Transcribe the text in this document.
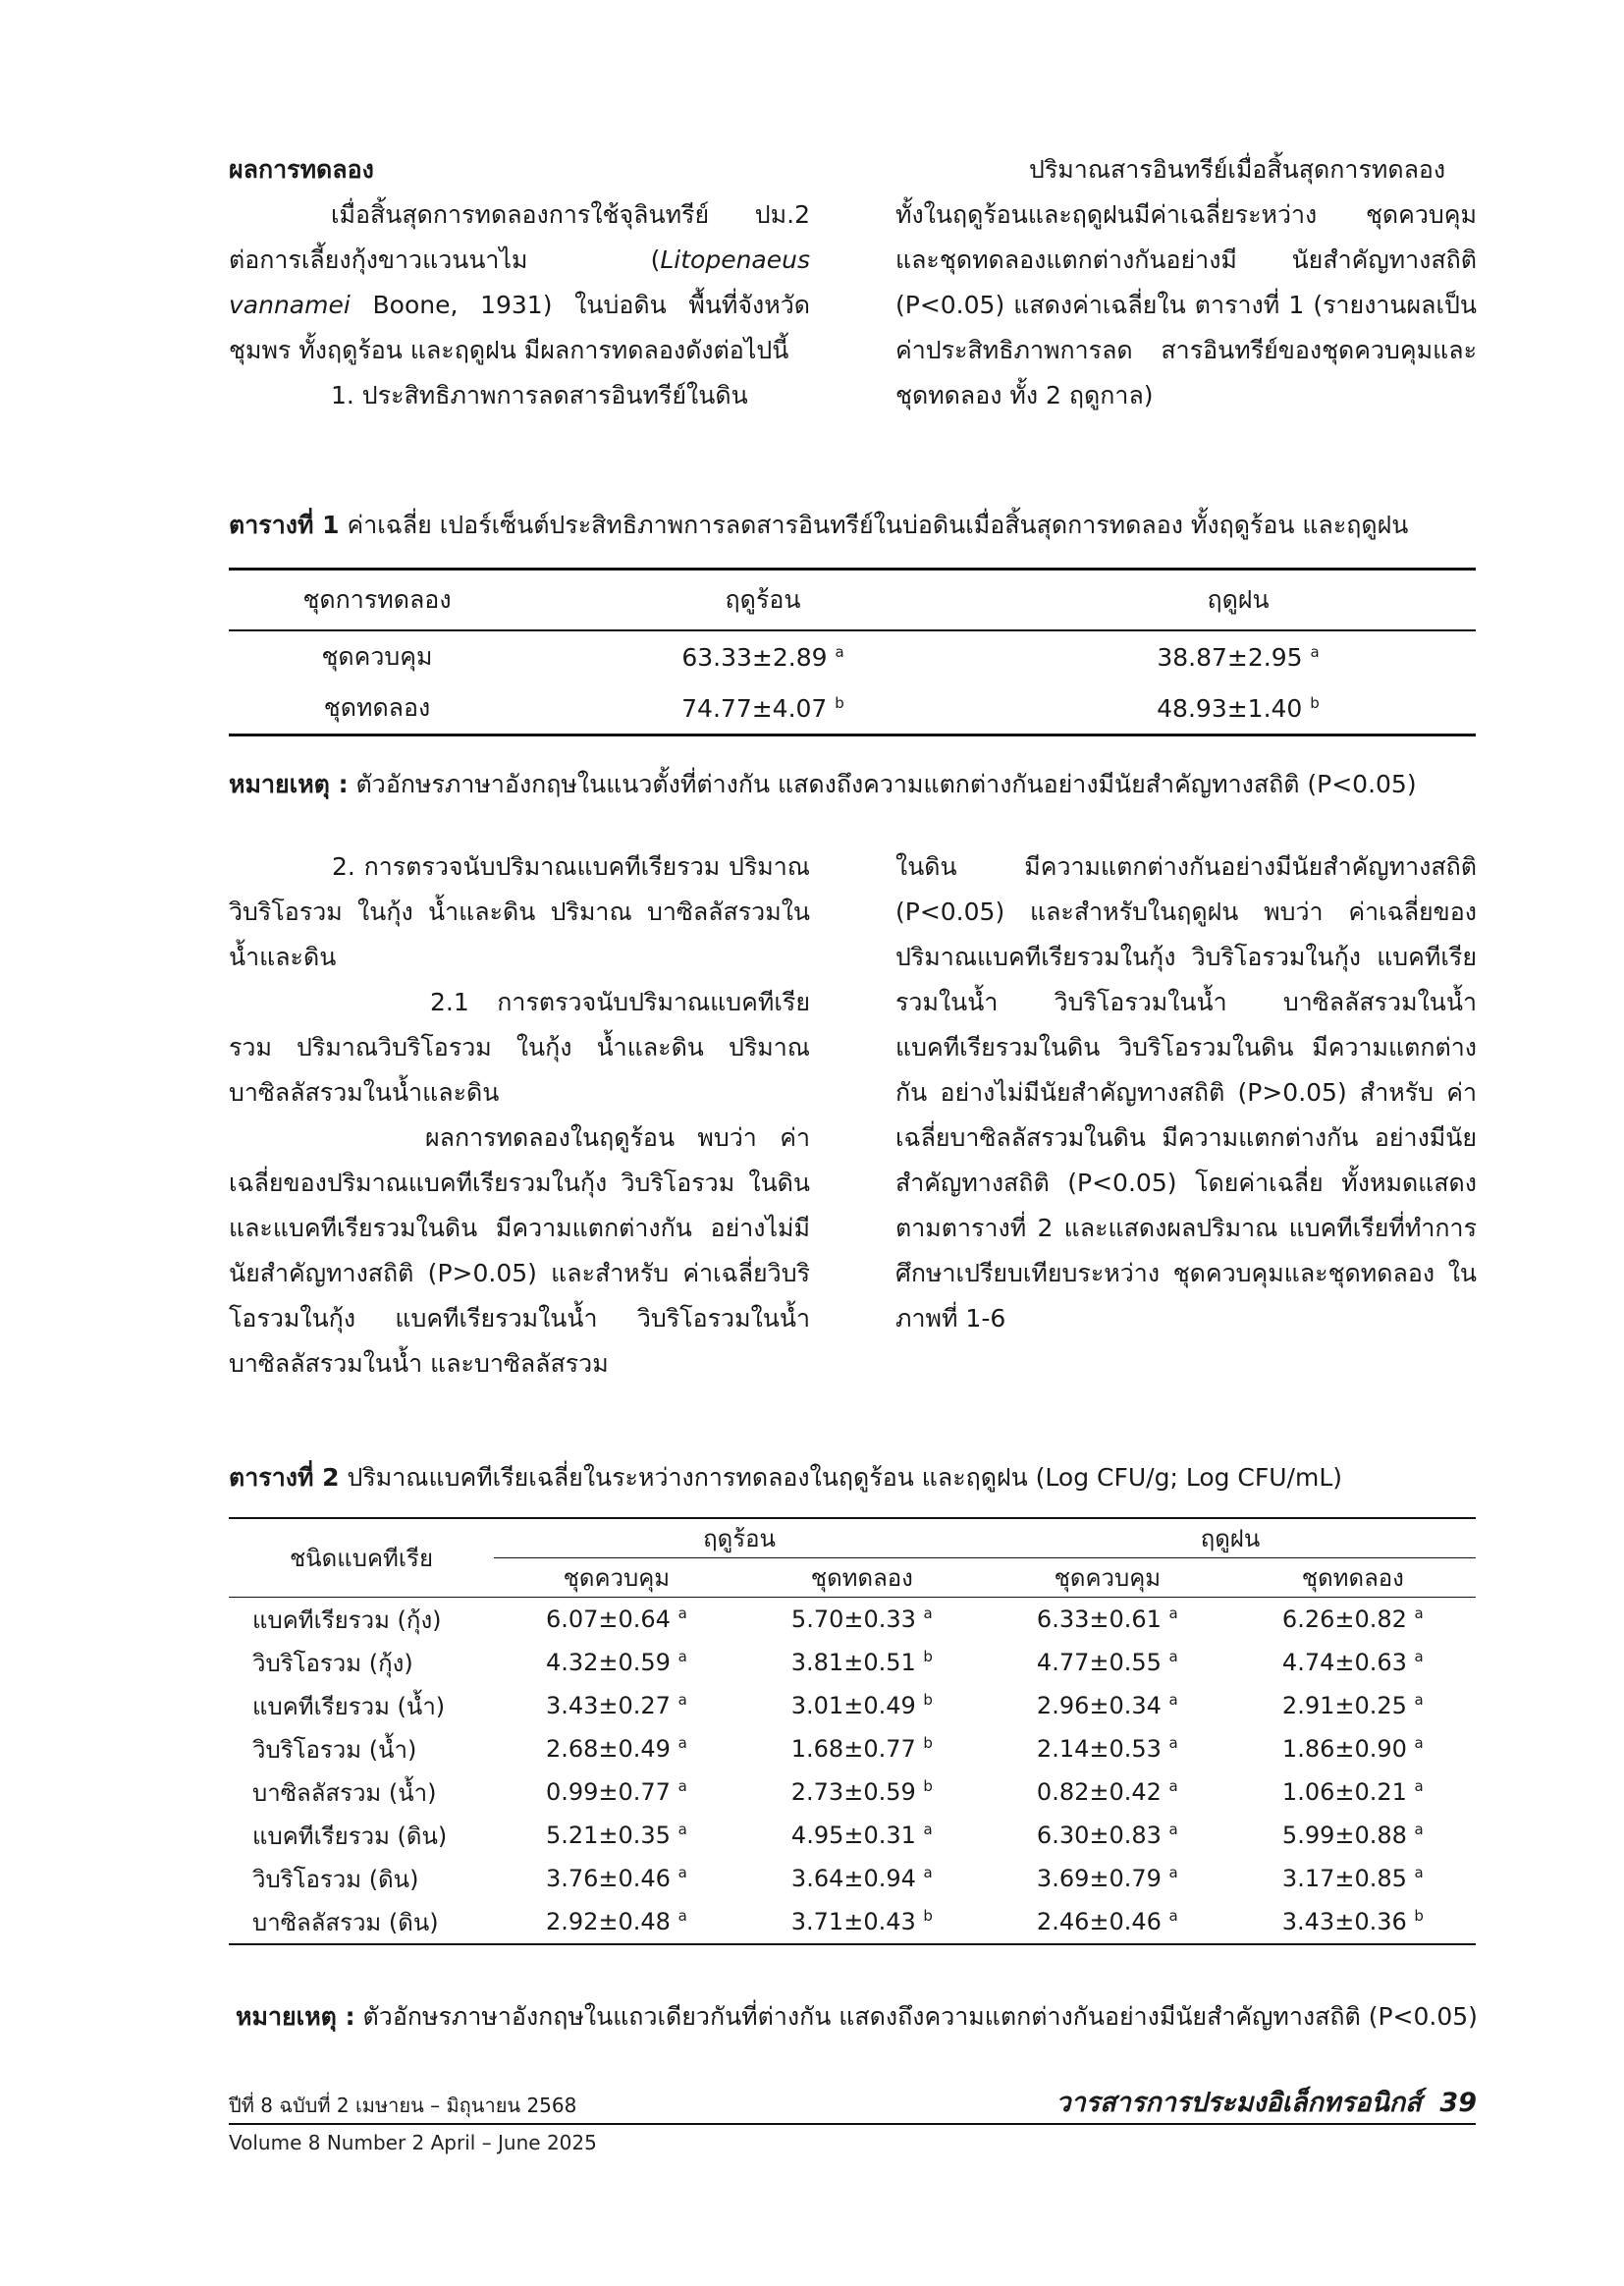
ผลการทดลอง

เมื่อสิ้นสุดการทดลองการใช้จุลินทรีย์ ปม.2 ต่อการเลี้ยงกุ้งขาวแวนนาไม (Litopenaeus vannamei Boone, 1931) ในบ่อดิน พื้นที่จังหวัดชุมพร ทั้งฤดูร้อน และฤดูฝน มีผลการทดลองดังต่อไปนี้

1. ประสิทธิภาพการลดสารอินทรีย์ในดิน

ปริมาณสารอินทรีย์เมื่อสิ้นสุดการทดลอง ทั้งในฤดูร้อนและฤดูฝนมีค่าเฉลี่ยระหว่าง ชุดควบคุมและชุดทดลองแตกต่างกันอย่างมี นัยสำคัญทางสถิติ (P<0.05) แสดงค่าเฉลี่ยใน ตารางที่ 1 (รายงานผลเป็นค่าประสิทธิภาพการลด สารอินทรีย์ของชุดควบคุมและชุดทดลอง ทั้ง 2 ฤดูกาล)

ตารางที่ 1 ค่าเฉลี่ย เปอร์เซ็นต์ประสิทธิภาพการลดสารอินทรีย์ในบ่อดินเมื่อสิ้นสุดการทดลอง ทั้งฤดูร้อน และฤดูฝน
ชุดการทดลอง	ฤดูร้อน	ฤดูฝน
ชุดควบคุม	63.33±2.89 $^a$	38.87±2.95 $^a$
ชุดทดลอง	74.77±4.07 $^b$	48.93±1.40 $^b$
หมายเหตุ : ตัวอักษรภาษาอังกฤษในแนวตั้งที่ต่างกัน แสดงถึงความแตกต่างกันอย่างมีนัยสำคัญทางสถิติ (P<0.05)

2. การตรวจนับปริมาณแบคทีเรียรวม ปริมาณวิบริโอรวม ในกุ้ง น้ำและดิน ปริมาณ บาซิลลัสรวมในน้ำและดิน

2.1 การตรวจนับปริมาณแบคทีเรียรวม ปริมาณวิบริโอรวม ในกุ้ง น้ำและดิน ปริมาณ บาซิลลัสรวมในน้ำและดิน

ผลการทดลองในฤดูร้อน พบว่า ค่าเฉลี่ยของปริมาณแบคทีเรียรวมในกุ้ง วิบริโอรวม ในดินและแบคทีเรียรวมในดิน มีความแตกต่างกัน อย่างไม่มีนัยสำคัญทางสถิติ (P>0.05) และสำหรับ ค่าเฉลี่ยวิบริโอรวมในกุ้ง แบคทีเรียรวมในน้ำ วิบริโอรวมในน้ำ บาซิลลัสรวมในน้ำ และบาซิลลัสรวม

ในดิน มีความแตกต่างกันอย่างมีนัยสำคัญทางสถิติ (P<0.05) และสำหรับในฤดูฝน พบว่า ค่าเฉลี่ยของ ปริมาณแบคทีเรียรวมในกุ้ง วิบริโอรวมในกุ้ง แบคทีเรียรวมในน้ำ วิบริโอรวมในน้ำ บาซิลลัสรวมในน้ำ แบคทีเรียรวมในดิน วิบริโอรวมในดิน มีความแตกต่างกัน อย่างไม่มีนัยสำคัญทางสถิติ (P>0.05) สำหรับ ค่าเฉลี่ยบาซิลลัสรวมในดิน มีความแตกต่างกัน อย่างมีนัยสำคัญทางสถิติ (P<0.05) โดยค่าเฉลี่ย ทั้งหมดแสดงตามตารางที่ 2 และแสดงผลปริมาณ แบคทีเรียที่ทำการศึกษาเปรียบเทียบระหว่าง ชุดควบคุมและชุดทดลอง ในภาพที่ 1-6

ตารางที่ 2 ปริมาณแบคทีเรียเฉลี่ยในระหว่างการทดลองในฤดูร้อน และฤดูฝน (Log CFU/g; Log CFU/mL)
ชนิดแบคทีเรีย	ฤดูร้อน		ฤดูฝน	
	ชุดควบคุม	ชุดทดลอง	ชุดควบคุม	ชุดทดลอง
แบคทีเรียรวม (กุ้ง)	6.07±0.64 $^a$	5.70±0.33 $^a$	6.33±0.61 $^a$	6.26±0.82 $^a$
วิบริโอรวม (กุ้ง)	4.32±0.59 $^a$	3.81±0.51 $^b$	4.77±0.55 $^a$	4.74±0.63 $^a$
แบคทีเรียรวม (น้ำ)	3.43±0.27 $^a$	3.01±0.49 $^b$	2.96±0.34 $^a$	2.91±0.25 $^a$
วิบริโอรวม (น้ำ)	2.68±0.49 $^a$	1.68±0.77 $^b$	2.14±0.53 $^a$	1.86±0.90 $^a$
บาซิลลัสรวม (น้ำ)	0.99±0.77 $^a$	2.73±0.59 $^b$	0.82±0.42 $^a$	1.06±0.21 $^a$
แบคทีเรียรวม (ดิน)	5.21±0.35 $^a$	4.95±0.31 $^a$	6.30±0.83 $^a$	5.99±0.88 $^a$
วิบริโอรวม (ดิน)	3.76±0.46 $^a$	3.64±0.94 $^a$	3.69±0.79 $^a$	3.17±0.85 $^a$
บาซิลลัสรวม (ดิน)	2.92±0.48 $^a$	3.71±0.43 $^b$	2.46±0.46 $^a$	3.43±0.36 $^b$
หมายเหตุ : ตัวอักษรภาษาอังกฤษในแถวเดียวกันที่ต่างกัน แสดงถึงความแตกต่างกันอย่างมีนัยสำคัญทางสถิติ (P<0.05)
ปีที่ 8 ฉบับที่ 2 เมษายน – มิถุนายน 2568
Volume 8 Number 2 April – June 2025
วารสารการประมงอิเล็กทรอนิกส์ 39
